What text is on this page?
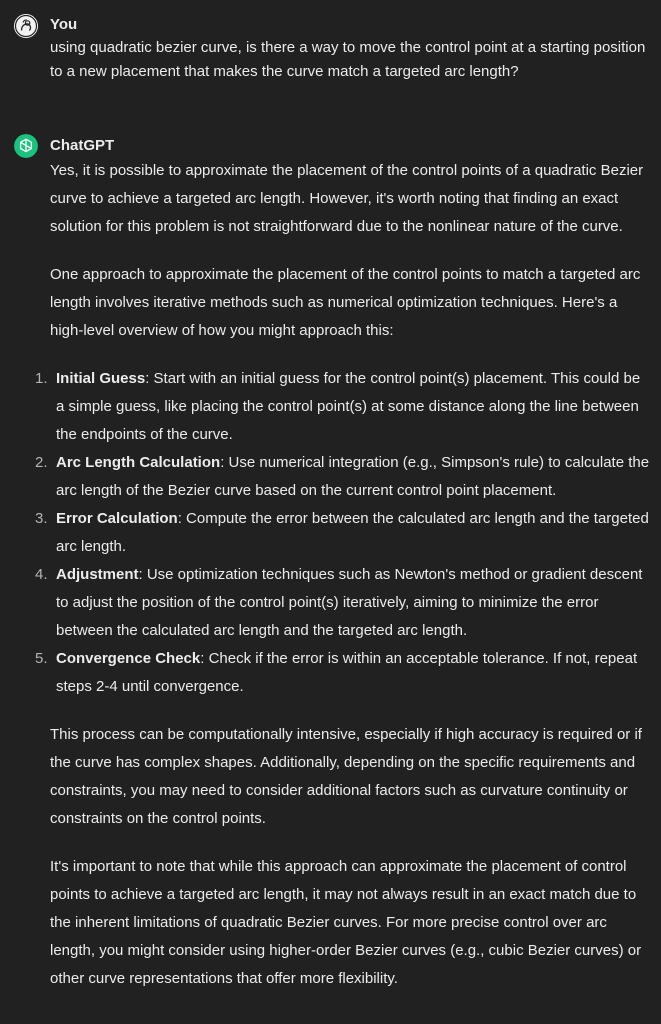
You
using quadratic bezier curve, is there a way to move the control point at a starting position to a new placement that makes the curve match a targeted arc length?
ChatGPT

Yes, it is possible to approximate the placement of the control points of a quadratic Bezier curve to achieve a targeted arc length. However, it's worth noting that finding an exact solution for this problem is not straightforward due to the nonlinear nature of the curve.

One approach to approximate the placement of the control points to match a targeted arc length involves iterative methods such as numerical optimization techniques. Here's a high-level overview of how you might approach this:

1. Initial Guess: Start with an initial guess for the control point(s) placement. This could be a simple guess, like placing the control point(s) at some distance along the line between the endpoints of the curve.
2. Arc Length Calculation: Use numerical integration (e.g., Simpson's rule) to calculate the arc length of the Bezier curve based on the current control point placement.
3. Error Calculation: Compute the error between the calculated arc length and the targeted arc length.
4. Adjustment: Use optimization techniques such as Newton's method or gradient descent to adjust the position of the control point(s) iteratively, aiming to minimize the error between the calculated arc length and the targeted arc length.
5. Convergence Check: Check if the error is within an acceptable tolerance. If not, repeat steps 2-4 until convergence.

This process can be computationally intensive, especially if high accuracy is required or if the curve has complex shapes. Additionally, depending on the specific requirements and constraints, you may need to consider additional factors such as curvature continuity or constraints on the control points.

It's important to note that while this approach can approximate the placement of control points to achieve a targeted arc length, it may not always result in an exact match due to the inherent limitations of quadratic Bezier curves. For more precise control over arc length, you might consider using higher-order Bezier curves (e.g., cubic Bezier curves) or other curve representations that offer more flexibility.
